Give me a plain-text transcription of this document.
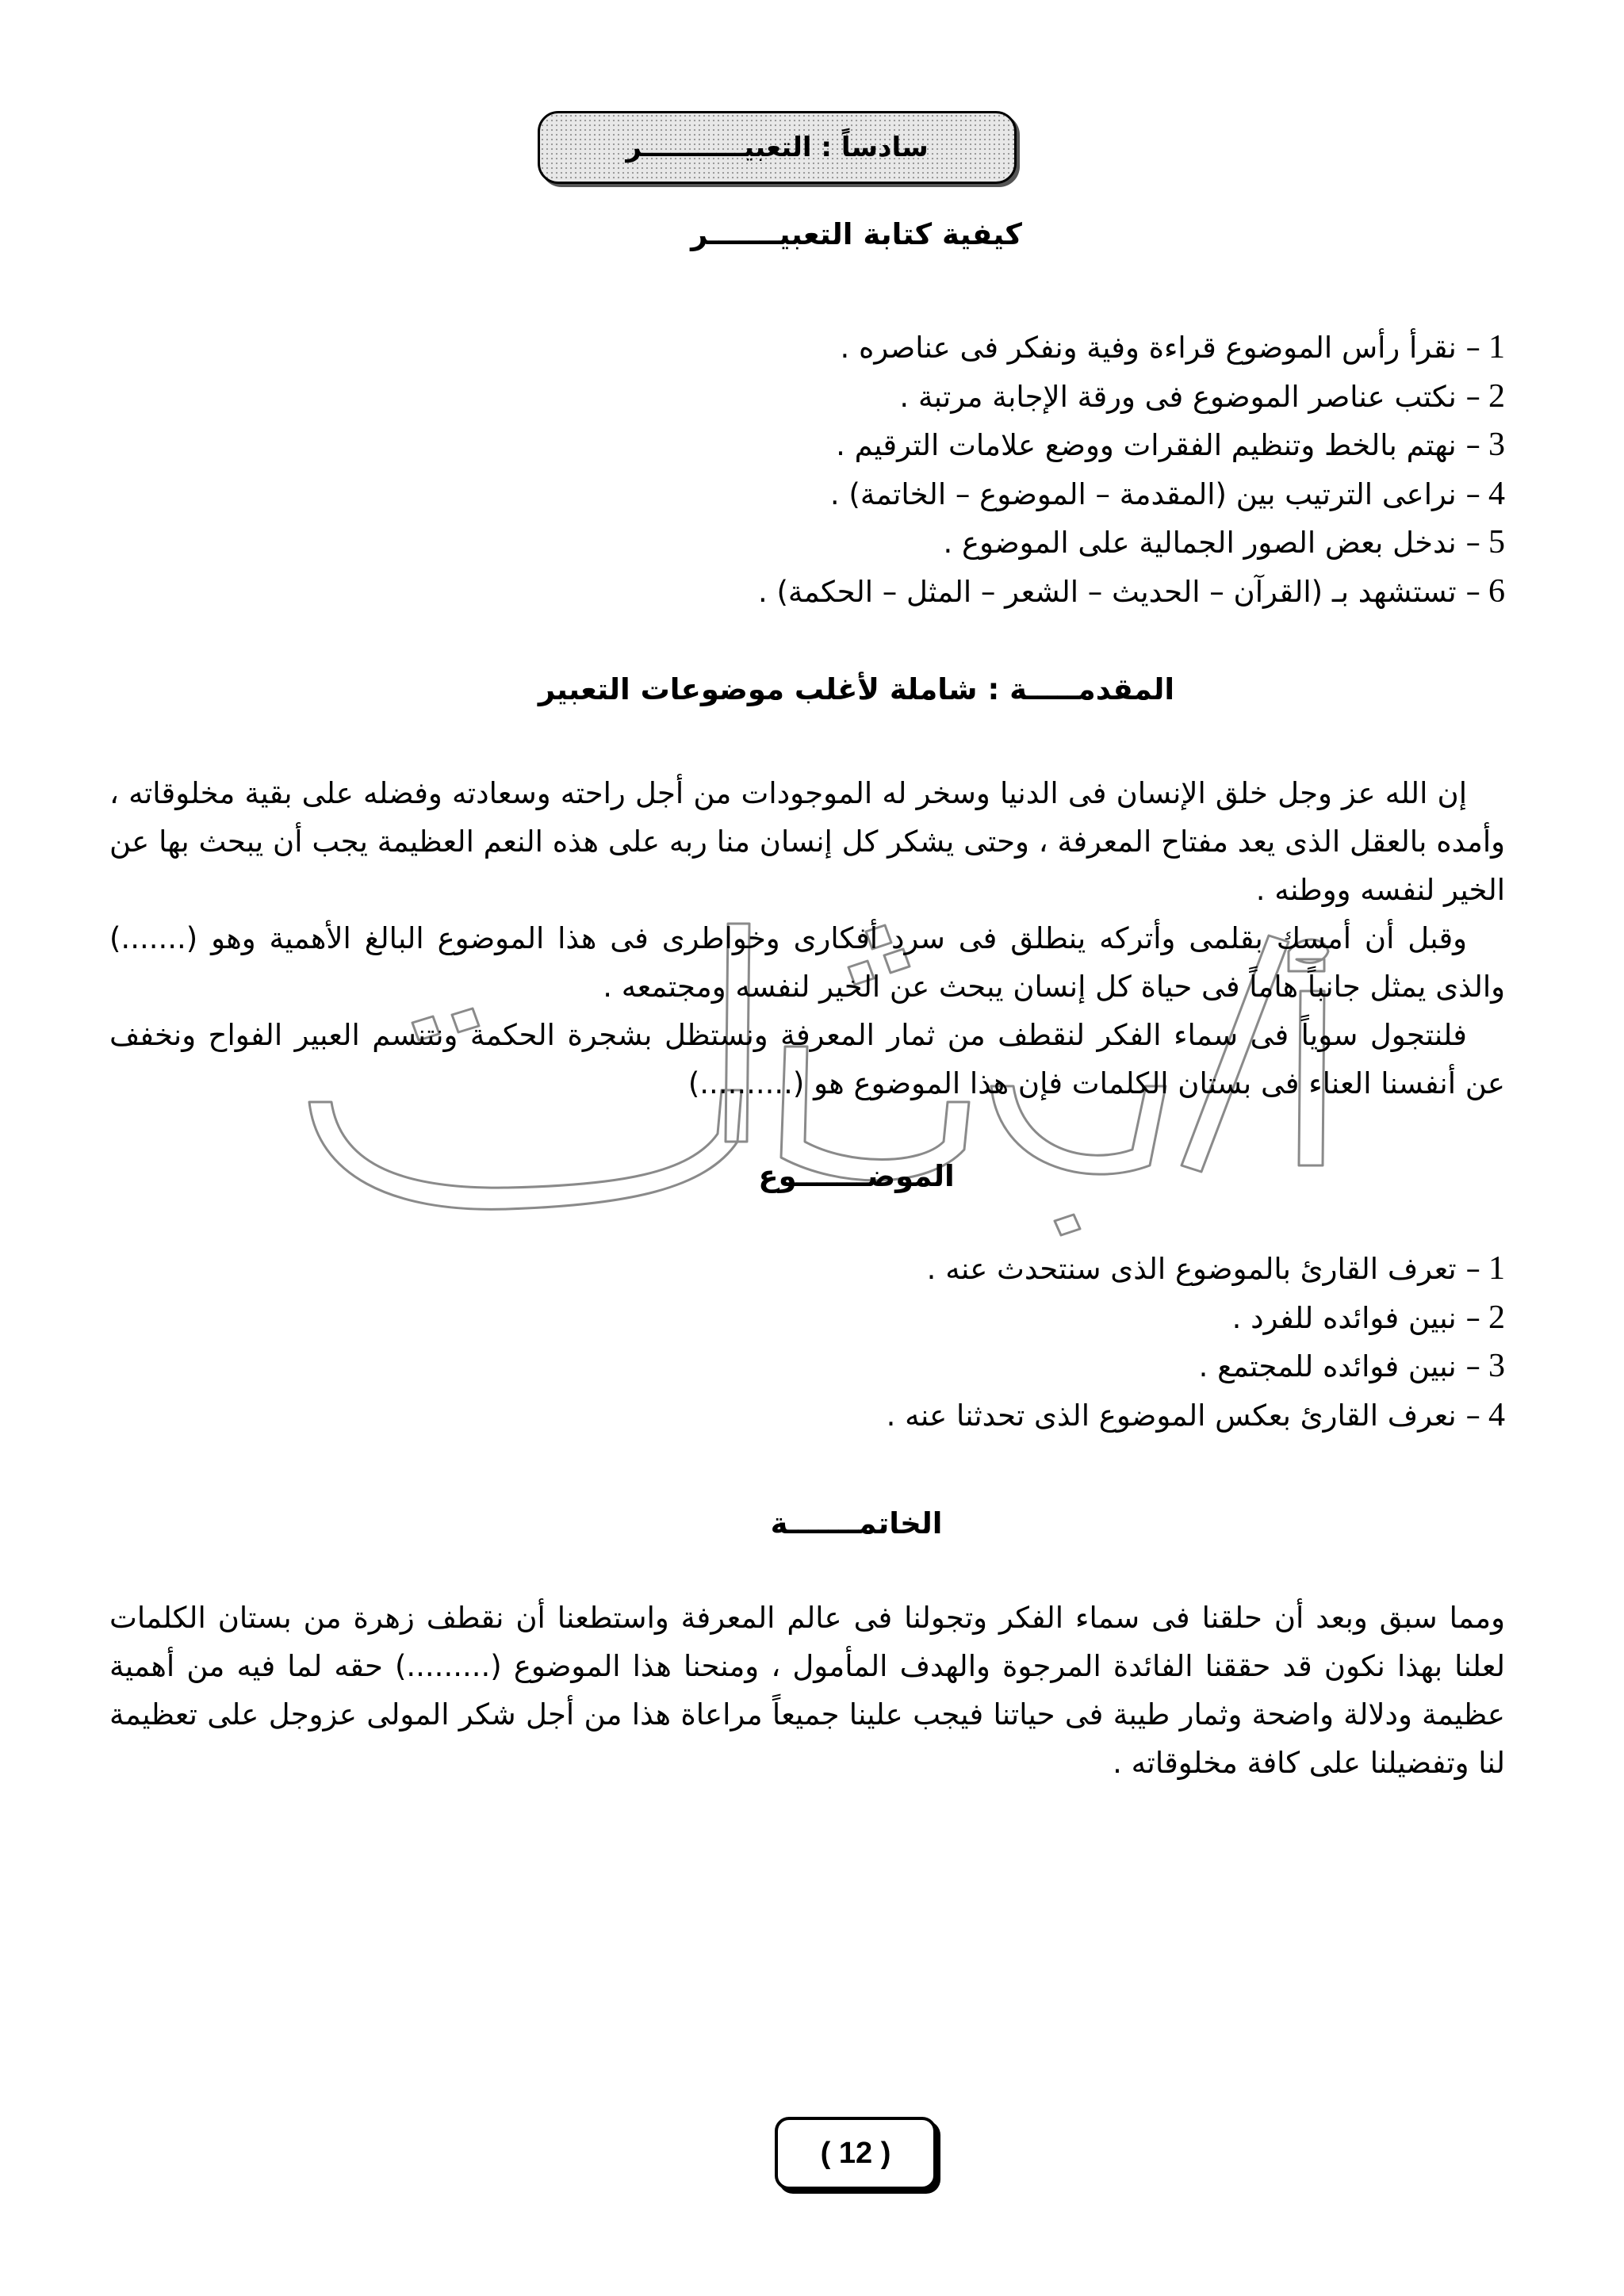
سادساً : التعبيـــــــــــر
كيفية كتابة التعبيـــــــر
1
– نقرأ رأس الموضوع قراءة وفية ونفكر فى عناصره .
2
– نكتب عناصر الموضوع فى ورقة الإجابة مرتبة .
3
– نهتم بالخط وتنظيم الفقرات ووضع علامات الترقيم .
4
– نراعى الترتيب بين (المقدمة – الموضوع – الخاتمة) .
5
– ندخل بعض الصور الجمالية على الموضوع .
6
– تستشهد بـ (القرآن – الحديث – الشعر – المثل – الحكمة) .
المقدمـــــة : شاملة لأغلب موضوعات التعبير

إن الله عز وجل خلق الإنسان فى الدنيا وسخر له الموجودات من أجل راحته وسعادته وفضله على بقية مخلوقاته ، وأمده بالعقل الذى يعد مفتاح المعرفة ، وحتى يشكر كل إنسان منا ربه على هذه النعم العظيمة يجب أن يبحث بها عن الخير لنفسه ووطنه .

وقبل أن أمسك بقلمى وأتركه ينطلق فى سرد أفكارى وخواطرى فى هذا الموضوع البالغ الأهمية وهو (.......) والذى يمثل جانباً هاماً فى حياة كل إنسان يبحث عن الخير لنفسه ومجتمعه .

فلنتجول سوياً فى سماء الفكر لنقطف من ثمار المعرفة ونستظل بشجرة الحكمة ونتنسم العبير الفواح ونخفف عن أنفسنا العناء فى بستان الكلمات فإن هذا الموضوع هو (..........)

الموضـــــــوع
1
– تعرف القارئ بالموضوع الذى سنتحدث عنه .
2
– نبين فوائده للفرد .
3
– نبين فوائده للمجتمع .
4
– نعرف القارئ بعكس الموضوع الذى تحدثنا عنه .
الخاتمـــــــة

ومما سبق وبعد أن حلقنا فى سماء الفكر وتجولنا فى عالم المعرفة واستطعنا أن نقطف زهرة من بستان الكلمات لعلنا بهذا نكون قد حققنا الفائدة المرجوة والهدف المأمول ، ومنحنا هذا الموضوع (.........) حقه لما فيه من أهمية عظيمة ودلالة واضحة وثمار طيبة فى حياتنا فيجب علينا جميعاً مراعاة هذا من أجل شكر المولى عزوجل على تعظيمة لنا وتفضيلنا على كافة مخلوقاته .

( 12 )
